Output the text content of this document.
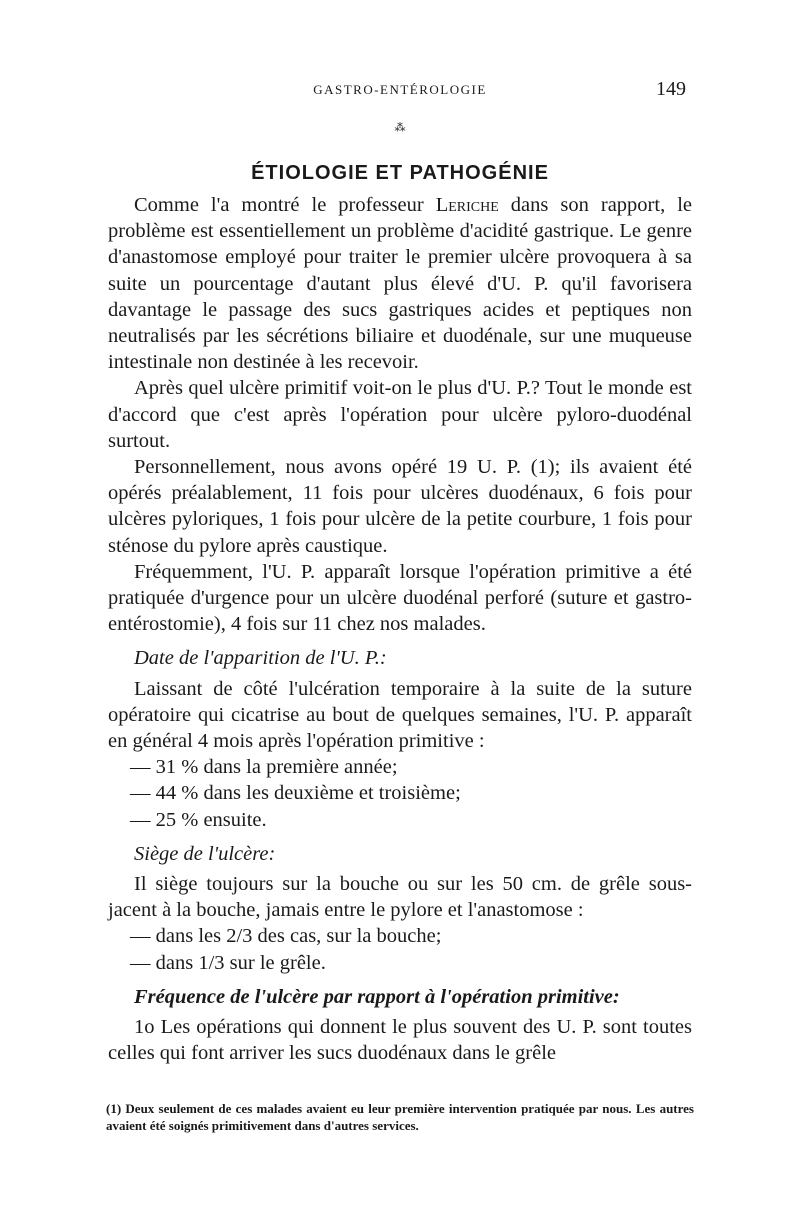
GASTRO-ENTÉROLOGIE	149
⁂
ÉTIOLOGIE ET PATHOGÉNIE

Comme l'a montré le professeur Leriche dans son rapport, le problème est essentiellement un problème d'acidité gastrique. Le genre d'anastomose employé pour traiter le premier ulcère provoquera à sa suite un pourcentage d'autant plus élevé d'U. P. qu'il favorisera davantage le passage des sucs gastriques acides et peptiques non neutralisés par les sécrétions biliaire et duodénale, sur une muqueuse intestinale non destinée à les recevoir.

Après quel ulcère primitif voit-on le plus d'U. P.? Tout le monde est d'accord que c'est après l'opération pour ulcère pyloro-duodénal surtout.

Personnellement, nous avons opéré 19 U. P. (1); ils avaient été opérés préalablement, 11 fois pour ulcères duodénaux, 6 fois pour ulcères pyloriques, 1 fois pour ulcère de la petite courbure, 1 fois pour sténose du pylore après caustique.

Fréquemment, l'U. P. apparaît lorsque l'opération primitive a été pratiquée d'urgence pour un ulcère duodénal perforé (suture et gastro-entérostomie), 4 fois sur 11 chez nos malades.

Date de l'apparition de l'U. P.:

Laissant de côté l'ulcération temporaire à la suite de la suture opératoire qui cicatrise au bout de quelques semaines, l'U. P. apparaît en général 4 mois après l'opération primitive :

— 31 % dans la première année;
— 44 % dans les deuxième et troisième;
— 25 % ensuite.
Siège de l'ulcère:

Il siège toujours sur la bouche ou sur les 50 cm. de grêle sous-jacent à la bouche, jamais entre le pylore et l'anastomose :

— dans les 2/3 des cas, sur la bouche;
— dans 1/3 sur le grêle.
Fréquence de l'ulcère par rapport à l'opération primitive:

1o Les opérations qui donnent le plus souvent des U. P. sont toutes celles qui font arriver les sucs duodénaux dans le grêle

(1) Deux seulement de ces malades avaient eu leur première intervention pratiquée par nous. Les autres avaient été soignés primitivement dans d'autres services.
